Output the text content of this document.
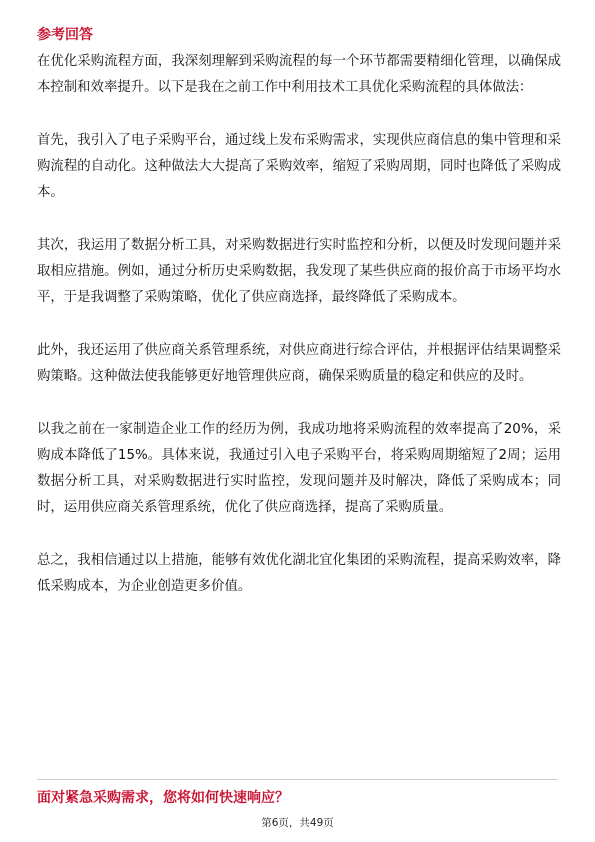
参考回答

在优化采购流程方面，我深刻理解到采购流程的每一个环节都需要精细化管理，以确保成本控制和效率提升。以下是我在之前工作中利用技术工具优化采购流程的具体做法：

首先，我引入了电子采购平台，通过线上发布采购需求，实现供应商信息的集中管理和采购流程的自动化。这种做法大大提高了采购效率，缩短了采购周期，同时也降低了采购成本。

其次，我运用了数据分析工具，对采购数据进行实时监控和分析，以便及时发现问题并采取相应措施。例如，通过分析历史采购数据，我发现了某些供应商的报价高于市场平均水平，于是我调整了采购策略，优化了供应商选择，最终降低了采购成本。

此外，我还运用了供应商关系管理系统，对供应商进行综合评估，并根据评估结果调整采购策略。这种做法使我能够更好地管理供应商，确保采购质量的稳定和供应的及时。

以我之前在一家制造企业工作的经历为例，我成功地将采购流程的效率提高了20%，采购成本降低了15%。具体来说，我通过引入电子采购平台，将采购周期缩短了2周；运用数据分析工具，对采购数据进行实时监控，发现问题并及时解决，降低了采购成本；同时，运用供应商关系管理系统，优化了供应商选择，提高了采购质量。

总之，我相信通过以上措施，能够有效优化湖北宜化集团的采购流程，提高采购效率，降低采购成本，为企业创造更多价值。

面对紧急采购需求，您将如何快速响应？
第6页，共49页
